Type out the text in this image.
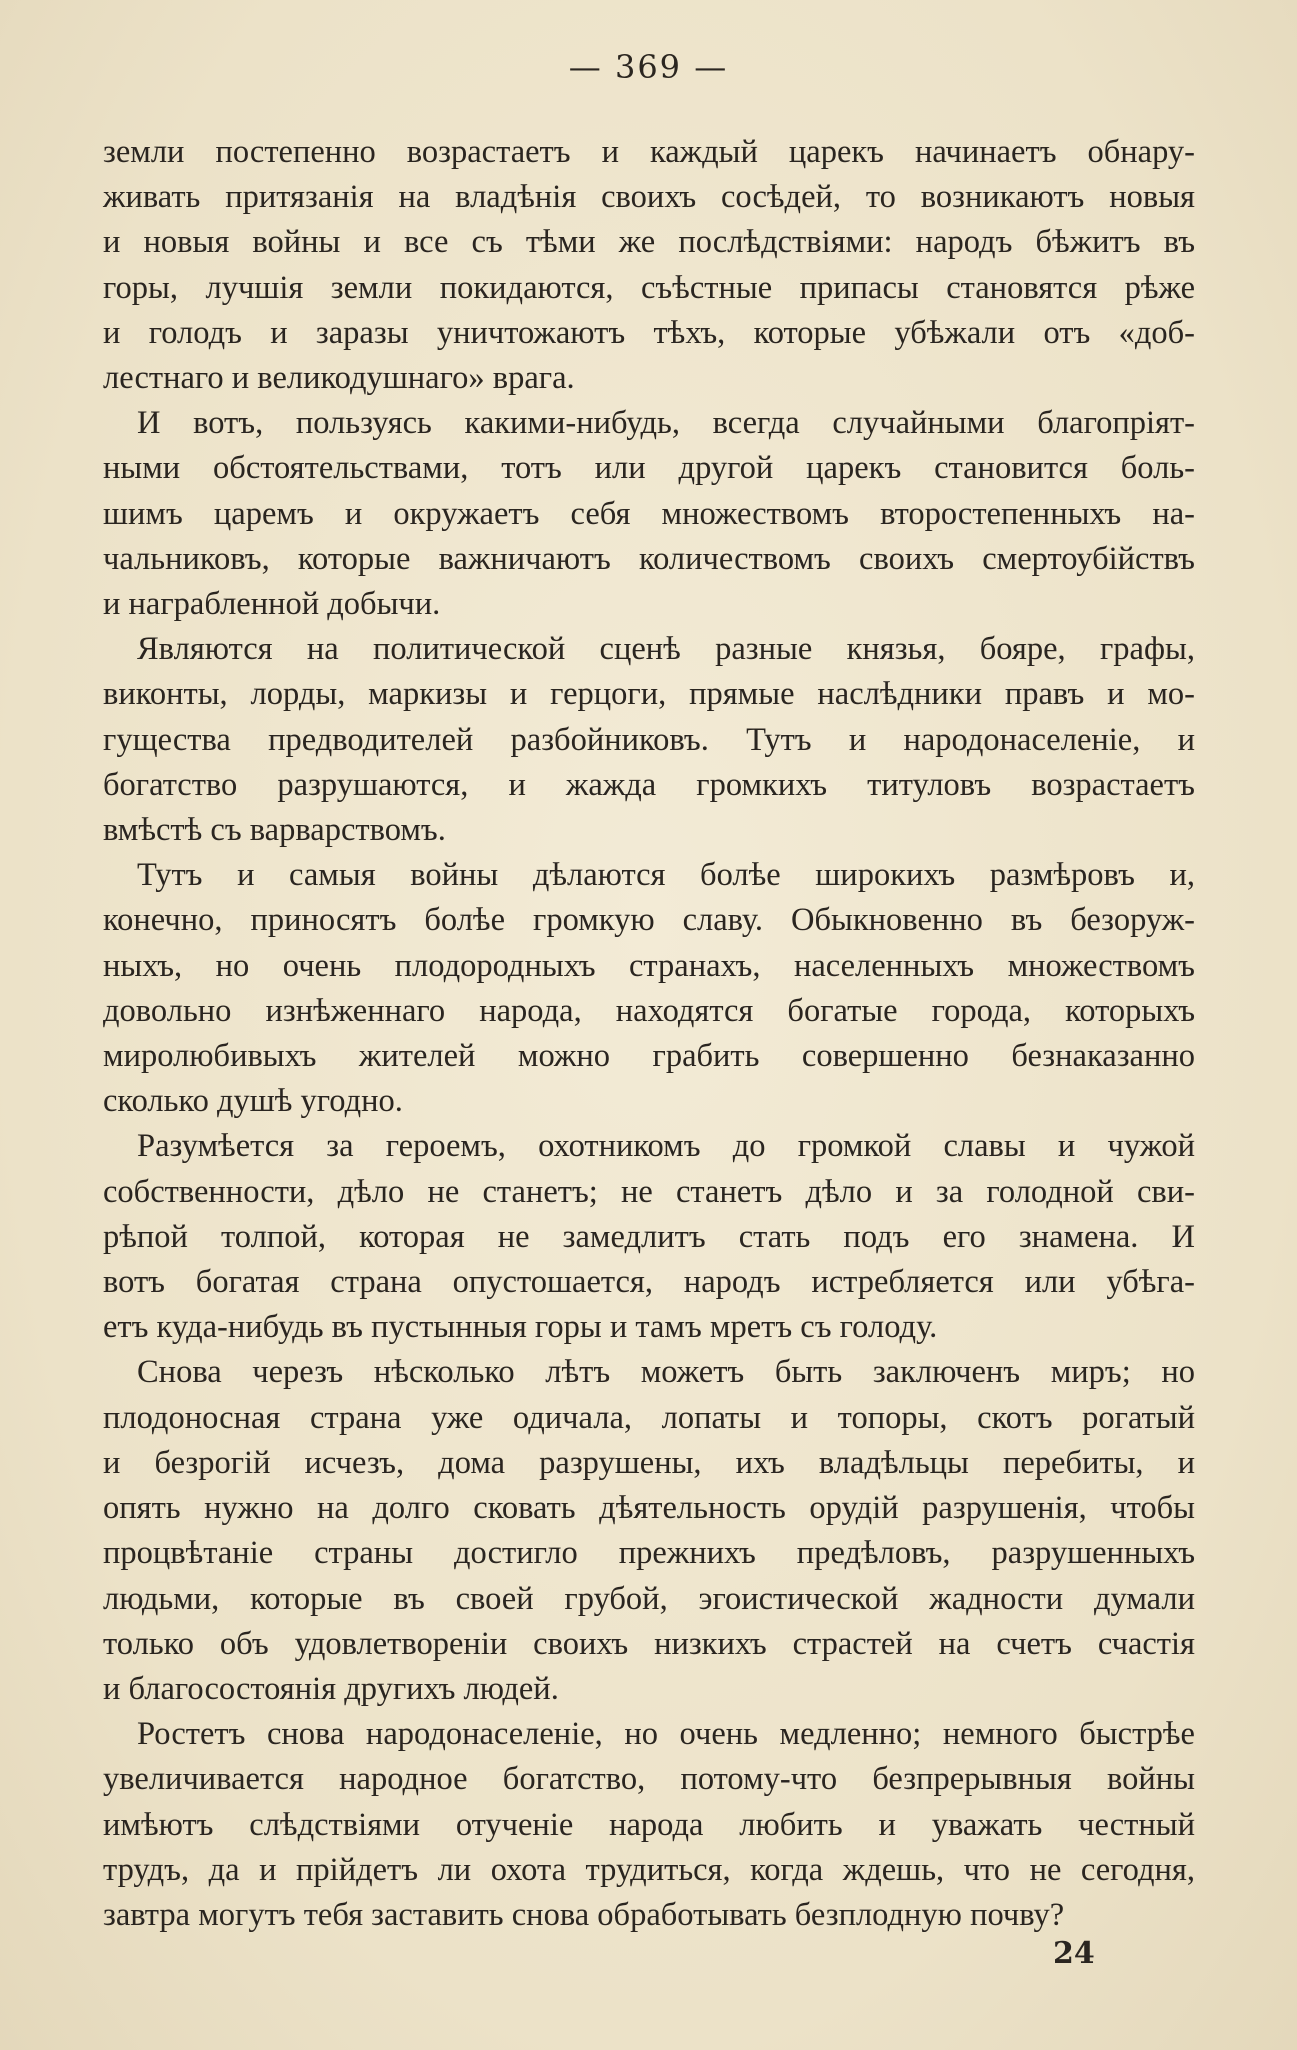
— 369 —
земли постепенно возрастаетъ и каждый царекъ начинаетъ обнару-
живать притязанія на владѣнія своихъ сосѣдей, то возникаютъ новыя
и новыя войны и все съ тѣми же послѣдствіями: народъ бѣжитъ въ
горы, лучшія земли покидаются, съѣстные припасы становятся рѣже
и голодъ и заразы уничтожаютъ тѣхъ, которые убѣжали отъ «доб-
лестнаго и великодушнаго» врага.
И вотъ, пользуясь какими-нибудь, всегда случайными благопріят-
ными обстоятельствами, тотъ или другой царекъ становится боль-
шимъ царемъ и окружаетъ себя множествомъ второстепенныхъ на-
чальниковъ, которые важничаютъ количествомъ своихъ смертоубійствъ
и награбленной добычи.
Являются на политической сценѣ разные князья, бояре, графы,
виконты, лорды, маркизы и герцоги, прямые наслѣдники правъ и мо-
гущества предводителей разбойниковъ. Тутъ и народонаселеніе, и
богатство разрушаются, и жажда громкихъ титуловъ возрастаетъ
вмѣстѣ съ варварствомъ.
Тутъ и самыя войны дѣлаются болѣе широкихъ размѣровъ и,
конечно, приносятъ болѣе громкую славу. Обыкновенно въ безоруж-
ныхъ, но очень плодородныхъ странахъ, населенныхъ множествомъ
довольно изнѣженнаго народа, находятся богатые города, которыхъ
миролюбивыхъ жителей можно грабить совершенно безнаказанно
сколько душѣ угодно.
Разумѣется за героемъ, охотникомъ до громкой славы и чужой
собственности, дѣло не станетъ; не станетъ дѣло и за голодной сви-
рѣпой толпой, которая не замедлитъ стать подъ его знамена. И
вотъ богатая страна опустошается, народъ истребляется или убѣга-
етъ куда-нибудь въ пустынныя горы и тамъ мретъ съ голоду.
Снова черезъ нѣсколько лѣтъ можетъ быть заключенъ миръ; но
плодоносная страна уже одичала, лопаты и топоры, скотъ рогатый
и безрогій исчезъ, дома разрушены, ихъ владѣльцы перебиты, и
опять нужно на долго сковать дѣятельность орудій разрушенія, чтобы
процвѣтаніе страны достигло прежнихъ предѣловъ, разрушенныхъ
людьми, которые въ своей грубой, эгоистической жадности думали
только объ удовлетвореніи своихъ низкихъ страстей на счетъ счастія
и благосостоянія другихъ людей.
Ростетъ снова народонаселеніе, но очень медленно; немного быстрѣе
увеличивается народное богатство, потому-что безпрерывныя войны
имѣютъ слѣдствіями отученіе народа любить и уважать честный
трудъ, да и прійдетъ ли охота трудиться, когда ждешь, что не сегодня,
завтра могутъ тебя заставить снова обработывать безплодную почву?
24
